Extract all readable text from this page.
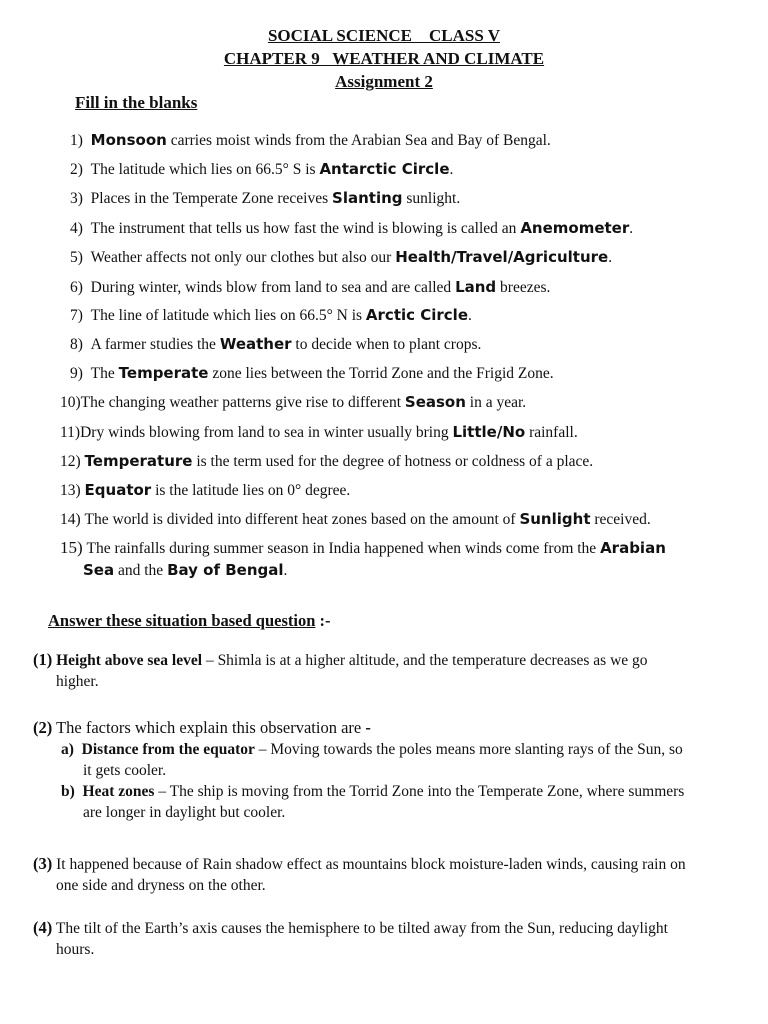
SOCIAL SCIENCE    CLASS V
CHAPTER 9   WEATHER AND CLIMATE
Assignment 2
Fill in the blanks
1) Monsoon carries moist winds from the Arabian Sea and Bay of Bengal.
2) The latitude which lies on 66.5° S is Antarctic Circle.
3) Places in the Temperate Zone receives Slanting sunlight.
4) The instrument that tells us how fast the wind is blowing is called an Anemometer.
5) Weather affects not only our clothes but also our Health/Travel/Agriculture.
6) During winter, winds blow from land to sea and are called Land breezes.
7) The line of latitude which lies on 66.5° N is Arctic Circle.
8) A farmer studies the Weather to decide when to plant crops.
9) The Temperate zone lies between the Torrid Zone and the Frigid Zone.
10)The changing weather patterns give rise to different Season in a year.
11)Dry winds blowing from land to sea in winter usually bring Little/No rainfall.
12) Temperature is the term used for the degree of hotness or coldness of a place.
13) Equator is the latitude lies on 0° degree.
14) The world is divided into different heat zones based on the amount of Sunlight received.
15) The rainfalls during summer season in India happened when winds come from the Arabian
Sea and the Bay of Bengal.
Answer these situation based question :-
(1) Height above sea level – Shimla is at a higher altitude, and the temperature decreases as we go
higher.
(2) The factors which explain this observation are -
a) Distance from the equator – Moving towards the poles means more slanting rays of the Sun, so
it gets cooler.
b) Heat zones – The ship is moving from the Torrid Zone into the Temperate Zone, where summers
are longer in daylight but cooler.
(3) It happened because of Rain shadow effect as mountains block moisture-laden winds, causing rain on
one side and dryness on the other.
(4) The tilt of the Earth’s axis causes the hemisphere to be tilted away from the Sun, reducing daylight
hours.
